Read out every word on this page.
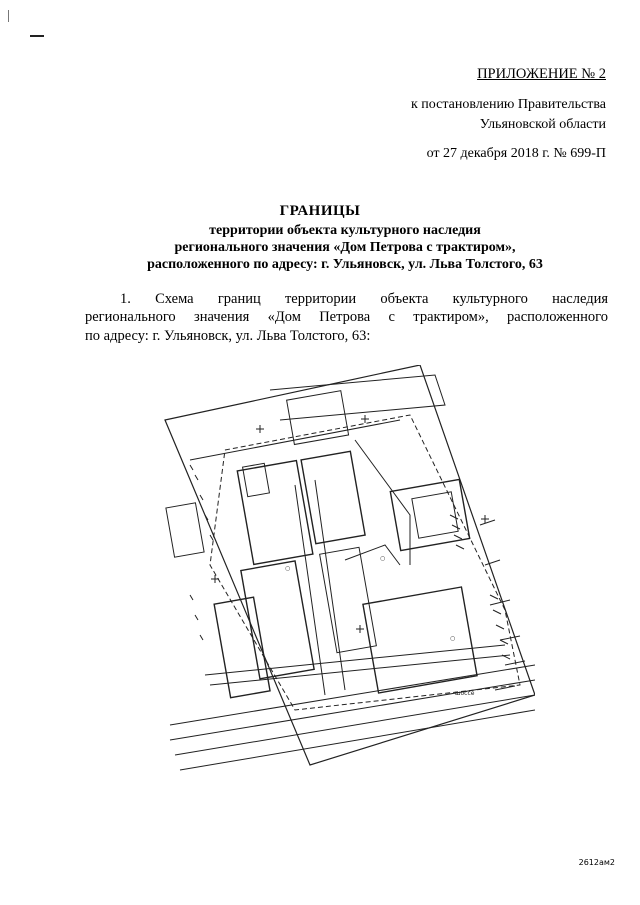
ПРИЛОЖЕНИЕ № 2
к постановлению Правительства
Ульяновской области
от 27 декабря 2018 г. № 699-П
ГРАНИЦЫ
территории объекта культурного наследия
регионального значения «Дом Петрова с трактиром»,
расположенного по адресу: г. Ульяновск, ул. Льва Толстого, 63
1. Схема границ территории объекта культурного наследия
регионального значения «Дом Петрова с трактиром», расположенного
по адресу: г. Ульяновск, ул. Льва Толстого, 63:
шоссе
○
○
○
2612ам2
